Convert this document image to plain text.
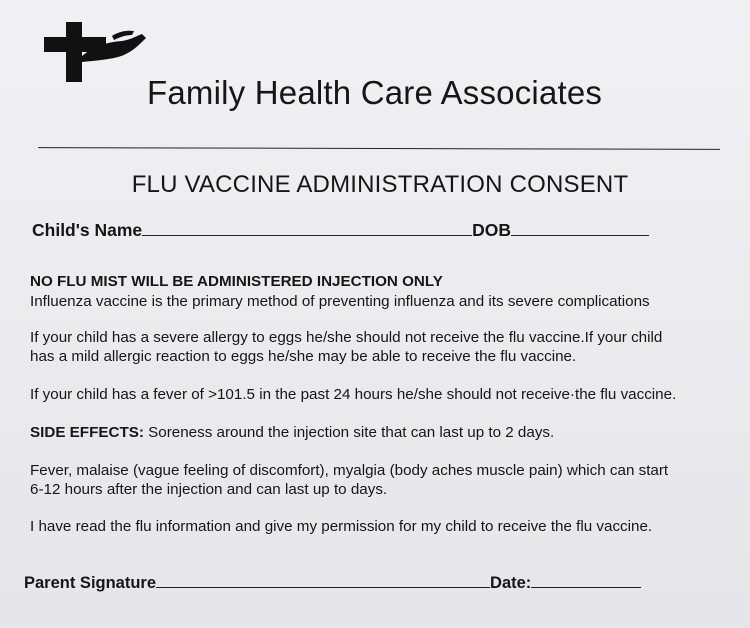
Family Health Care Associates
FLU VACCINE ADMINISTRATION CONSENT
Child's Name	DOB
NO FLU MIST WILL BE ADMINISTERED INJECTION ONLY
Influenza vaccine is the primary method of preventing influenza and its severe complications
If your child has a severe allergy to eggs he/she should not receive the flu vaccine.If your child
has a mild allergic reaction to eggs he/she may be able to receive the flu vaccine.
If your child has a fever of >101.5 in the past 24 hours he/she should not receive·the flu vaccine.
SIDE EFFECTS: Soreness around the injection site that can last up to 2 days.
Fever, malaise (vague feeling of discomfort), myalgia (body aches muscle pain) which can start
6-12 hours after the injection and can last up to days.
I have read the flu information and give my permission for my child to receive the flu vaccine.
Parent Signature	Date:
